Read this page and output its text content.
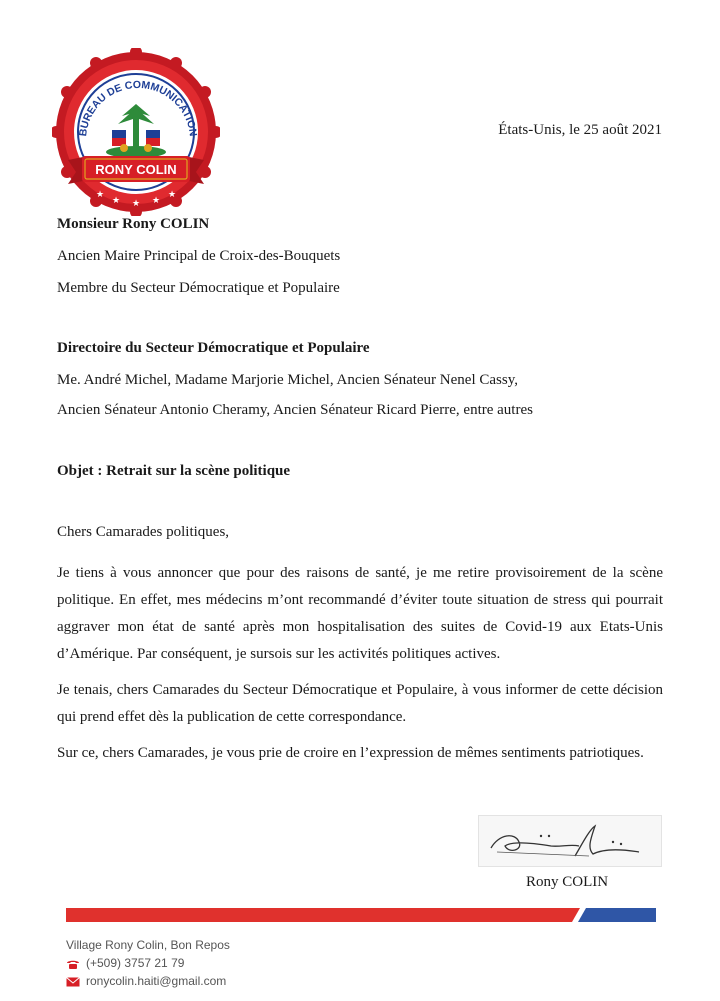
BUREAU DE COMMUNICATION
RONY COLIN
★
★ ★ ★
★
États-Unis, le 25 août 2021
Monsieur Rony COLIN
Ancien Maire Principal de Croix-des-Bouquets
Membre du Secteur Démocratique et Populaire
Directoire du Secteur Démocratique et Populaire
Me. André Michel, Madame Marjorie Michel, Ancien Sénateur Nenel Cassy,
Ancien Sénateur Antonio Cheramy, Ancien Sénateur Ricard Pierre, entre autres
Objet : Retrait sur la scène politique
Chers Camarades politiques,
Je tiens à vous annoncer que pour des raisons de santé, je me retire provisoirement de la scène politique. En effet, mes médecins m’ont recommandé d’éviter toute situation de stress qui pourrait aggraver mon état de santé après mon hospitalisation des suites de Covid-19 aux Etats-Unis d’Amérique. Par conséquent, je sursois sur les activités politiques actives.
Je tenais, chers Camarades du Secteur Démocratique et Populaire, à vous informer de cette décision qui prend effet dès la publication de cette correspondance.
Sur ce, chers Camarades, je vous prie de croire en l’expression de mêmes sentiments patriotiques.
Rony COLIN
Village Rony Colin, Bon Repos
(+509) 3757 21 79
ronycolin.haiti@gmail.com
